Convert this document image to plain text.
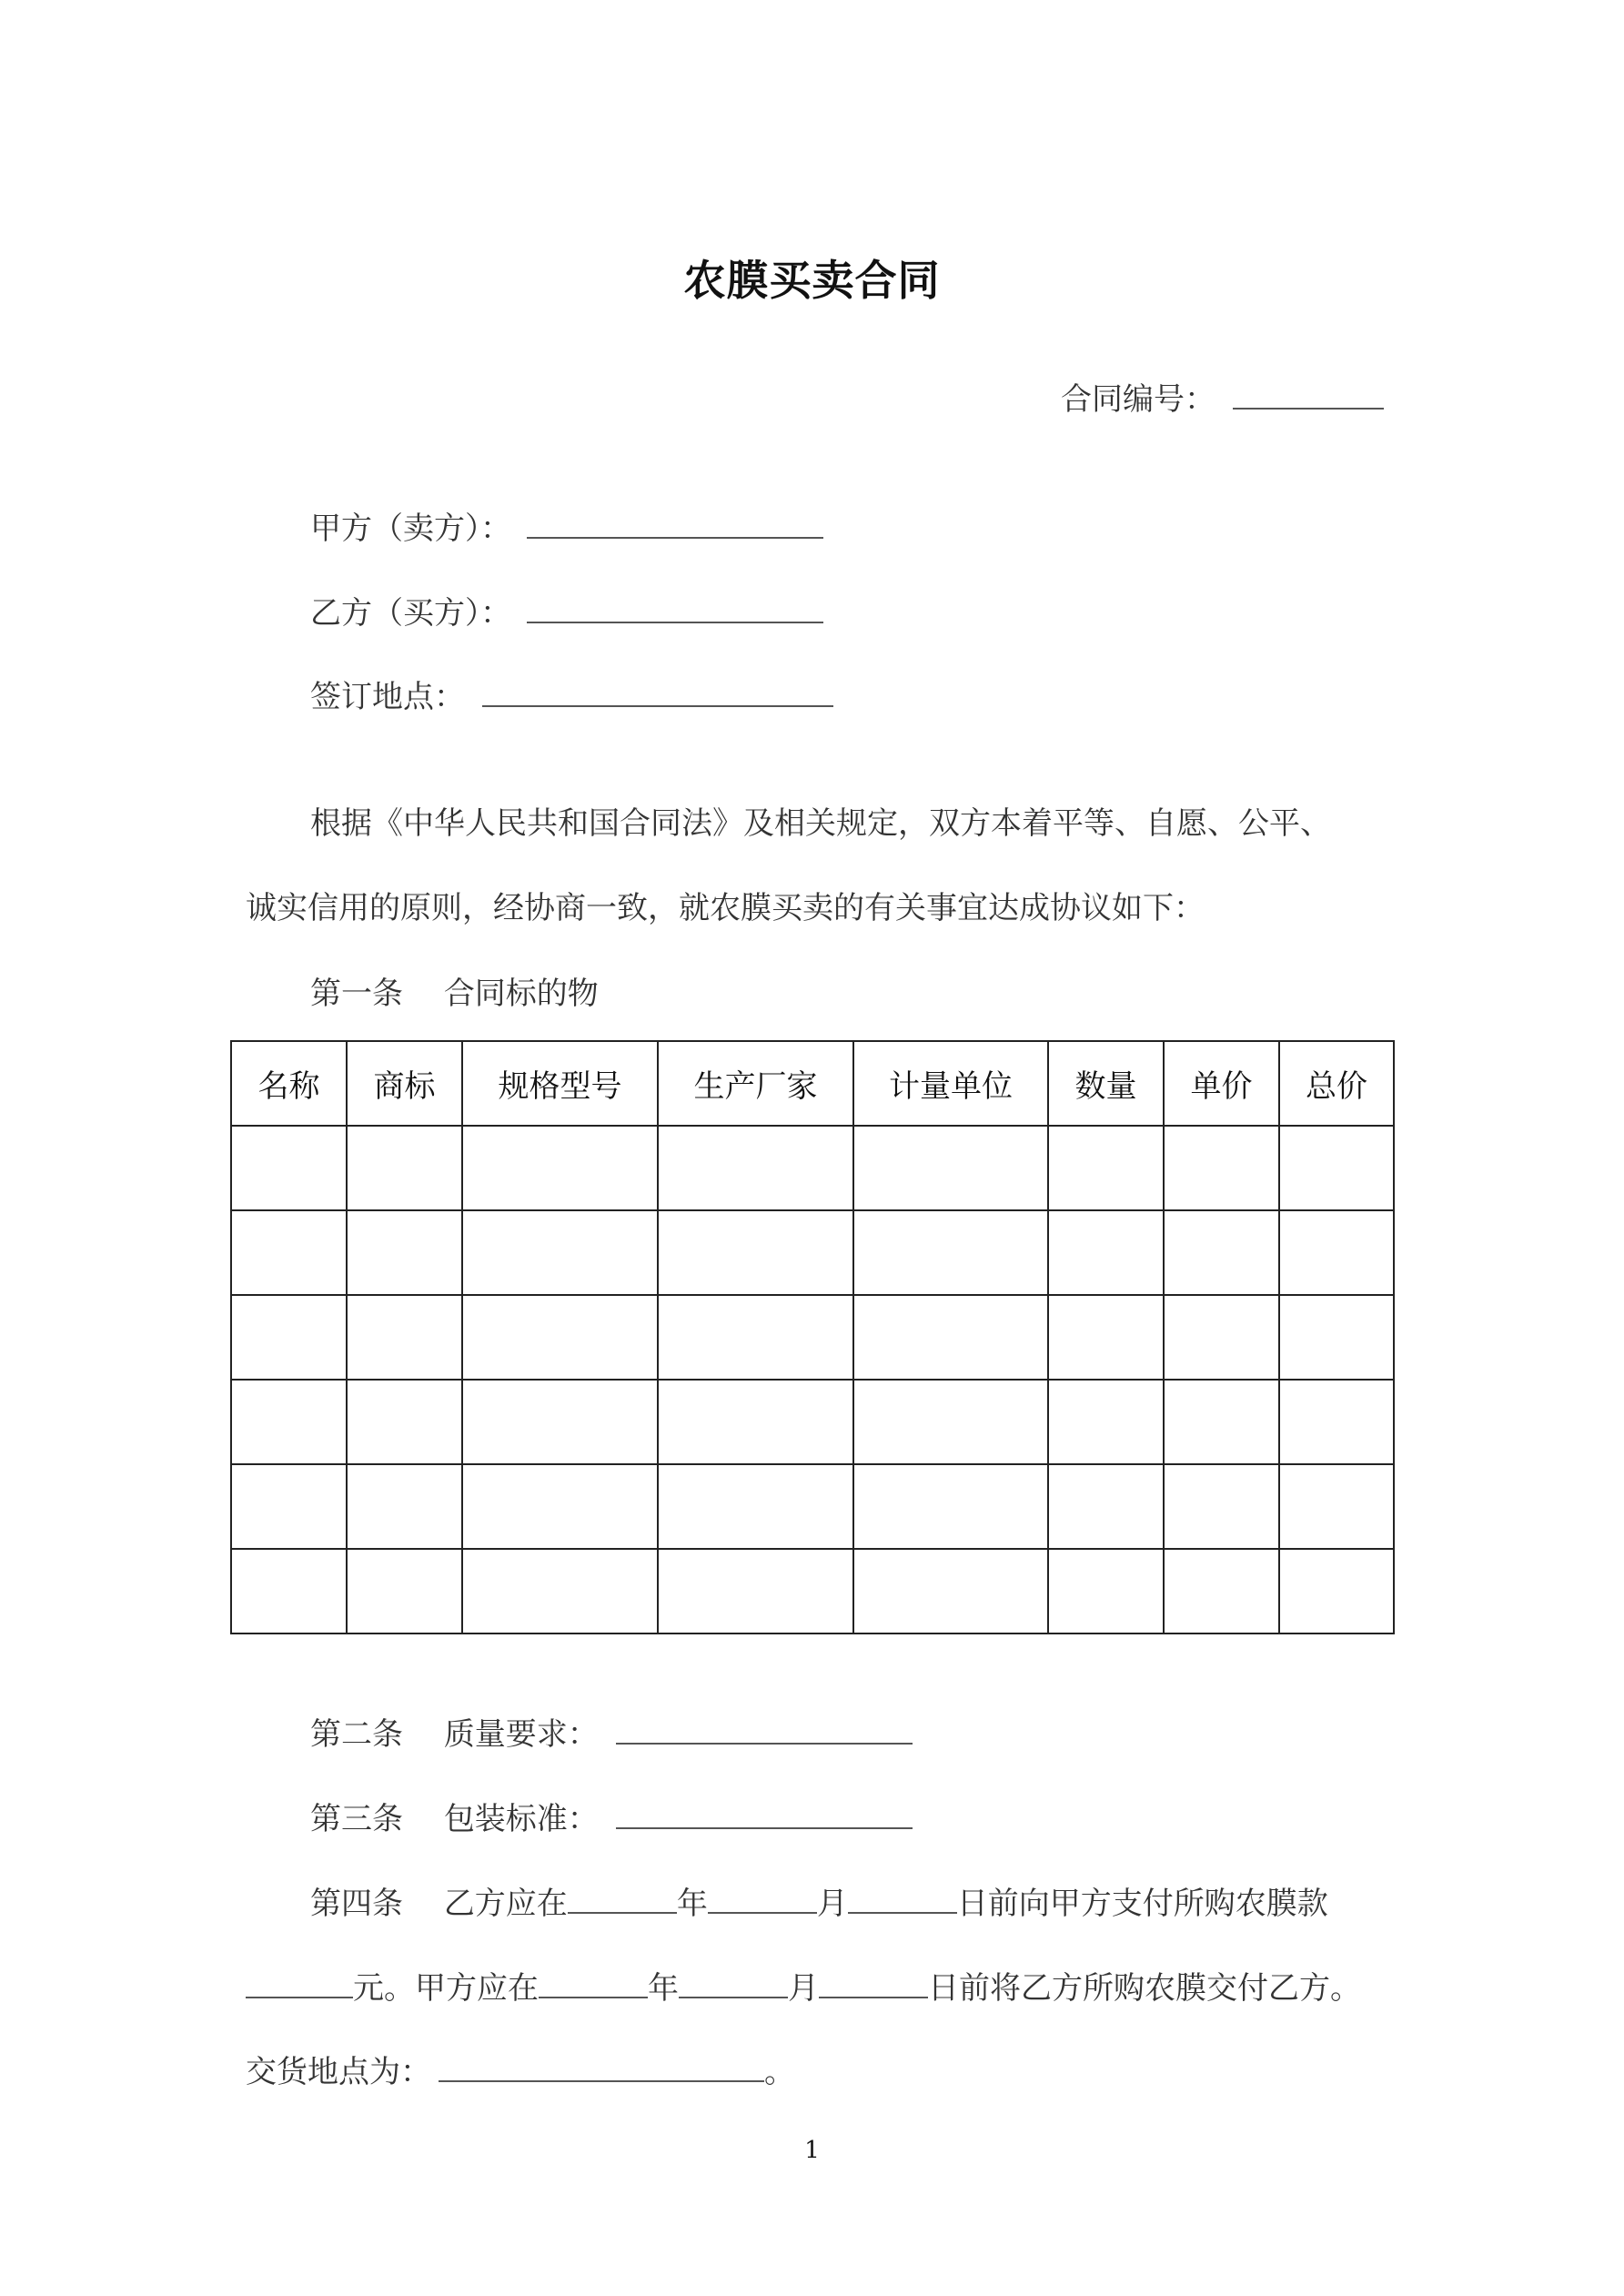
农膜买卖合同
合同编号：
甲方（卖方）：
乙方（买方）：
签订地点：
根据《中华人民共和国合同法》及相关规定，双方本着平等、自愿、公平、
诚实信用的原则，经协商一致，就农膜买卖的有关事宜达成协议如下：
第一条 合同标的物
名称	商标	规格型号	生产厂家	计量单位	数量	单价	总价

第二条 质量要求：
第三条 包装标准：
第四条 乙方应在	年	月	日前向甲方支付所购农膜款
元。甲方应在	年	月	日前将乙方所购农膜交付乙方。
交货地点为：	。
1
